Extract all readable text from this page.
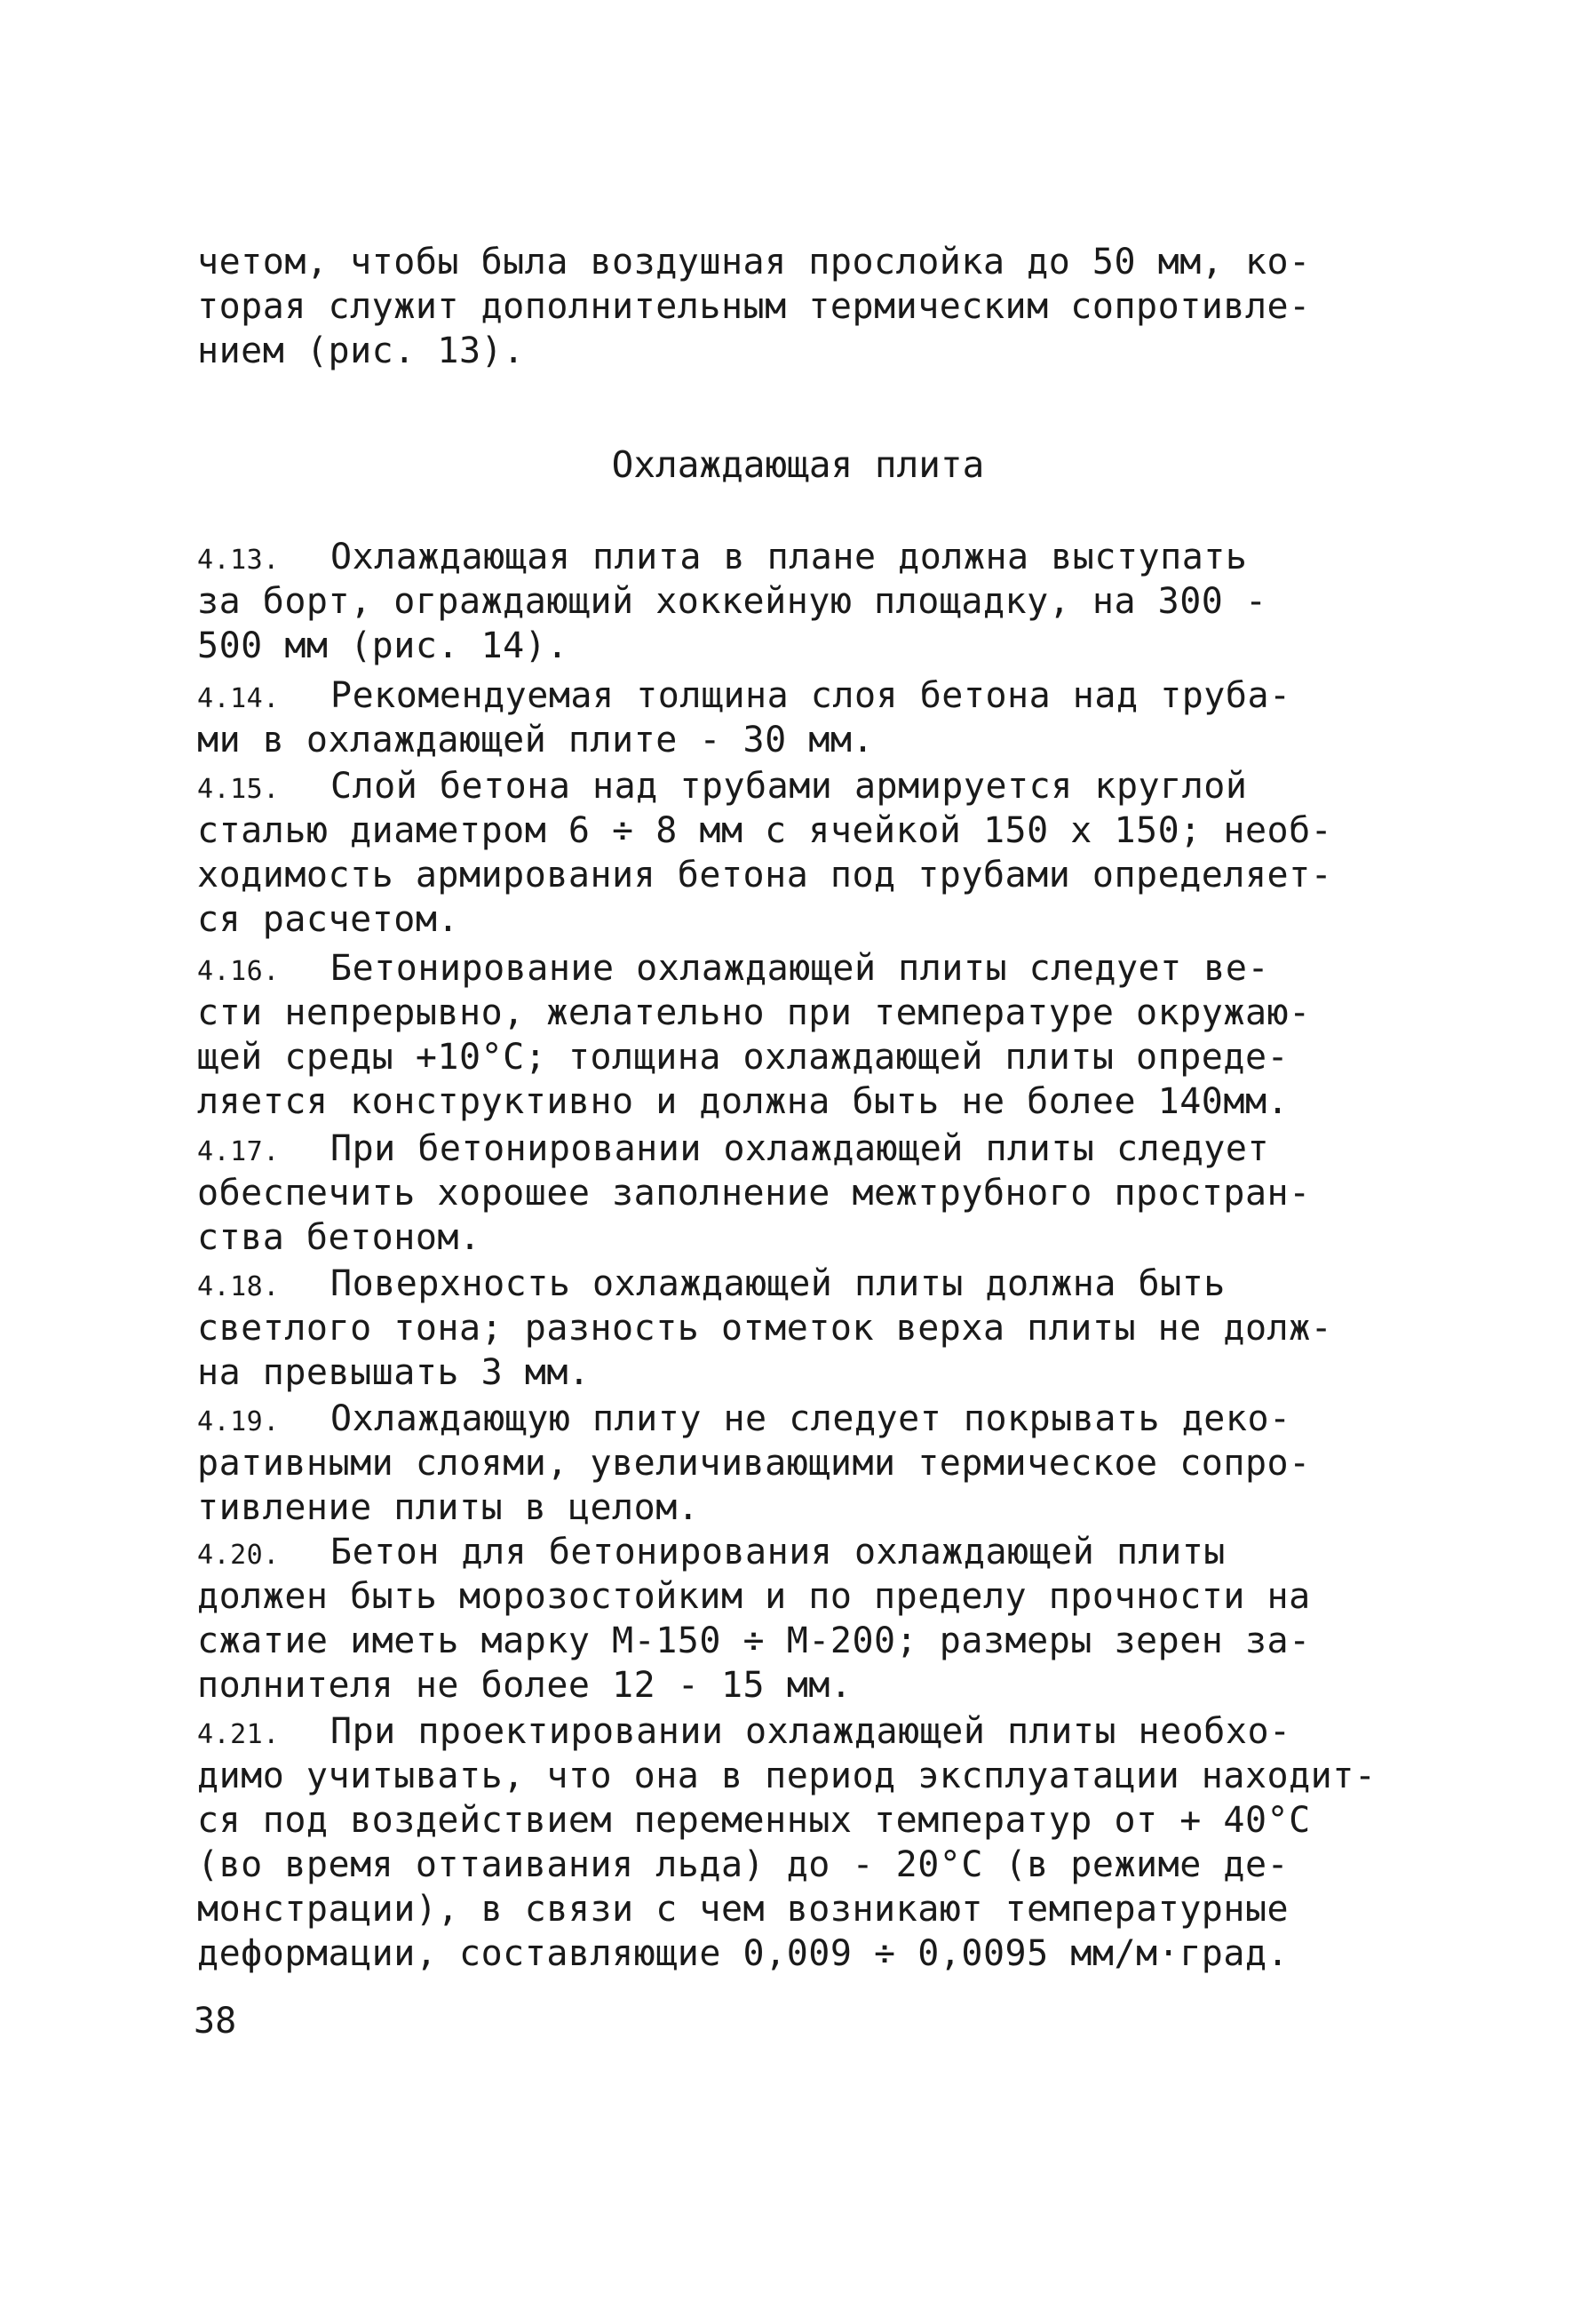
четом, чтобы была воздушная прослойка до 50 мм, ко-
торая служит дополнительным термическим сопротивле-
нием (рис. 13).
Охлаждающая плита
4.13. Охлаждающая плита в плане должна выступать
за борт, ограждающий хоккейную площадку, на 300 -
500 мм (рис. 14).
4.14. Рекомендуемая толщина слоя бетона над труба-
ми в охлаждающей плите - 30 мм.
4.15. Слой бетона над трубами армируется круглой
сталью диаметром 6 ÷ 8 мм с ячейкой 150 x 150; необ-
ходимость армирования бетона под трубами определяет-
ся расчетом.
4.16. Бетонирование охлаждающей плиты следует ве-
сти непрерывно, желательно при температуре окружаю-
щей среды +10°С; толщина охлаждающей плиты опреде-
ляется конструктивно и должна быть не более 140мм.
4.17. При бетонировании охлаждающей плиты следует
обеспечить хорошее заполнение межтрубного простран-
ства бетоном.
4.18. Поверхность охлаждающей плиты должна быть
светлого тона; разность отметок верха плиты не долж-
на превышать 3 мм.
4.19. Охлаждающую плиту не следует покрывать деко-
ративными слоями, увеличивающими термическое сопро-
тивление плиты в целом.
4.20. Бетон для бетонирования охлаждающей плиты
должен быть морозостойким и по пределу прочности на
сжатие иметь марку М-150 ÷ М-200; размеры зерен за-
полнителя не более 12 - 15 мм.
4.21. При проектировании охлаждающей плиты необхо-
димо учитывать, что она в период эксплуатации находит-
ся под воздействием переменных температур от + 40°С
(во время оттаивания льда) до - 20°С (в режиме де-
монстрации), в связи с чем возникают температурные
деформации, составляющие 0,009 ÷ 0,0095 мм/м·град.
38
